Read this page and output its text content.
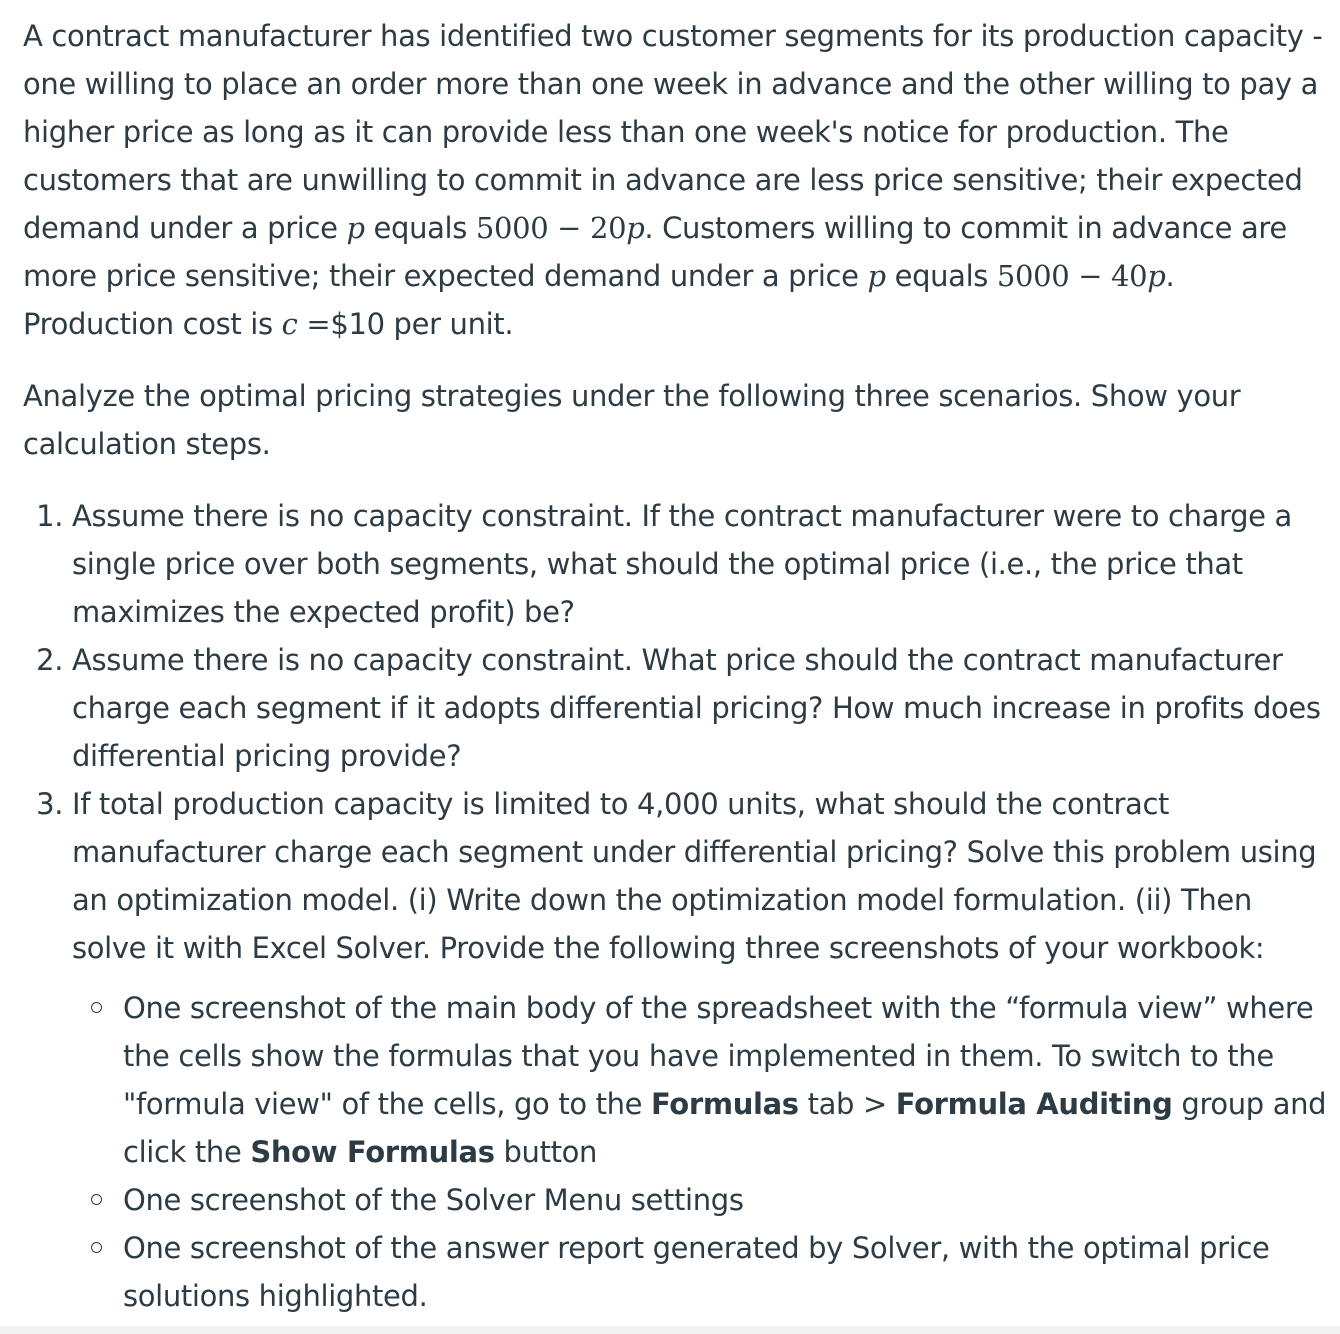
A contract manufacturer has identified two customer segments for its production capacity - one willing to place an order more than one week in advance and the other willing to pay a higher price as long as it can provide less than one week's notice for production. The customers that are unwilling to commit in advance are less price sensitive; their expected demand under a price p equals 5000 − 20p. Customers willing to commit in advance are more price sensitive; their expected demand under a price p equals 5000 − 40p. Production cost is c =$10 per unit.

Analyze the optimal pricing strategies under the following three scenarios. Show your calculation steps.

1. Assume there is no capacity constraint. If the contract manufacturer were to charge a single price over both segments, what should the optimal price (i.e., the price that maximizes the expected profit) be?
2. Assume there is no capacity constraint. What price should the contract manufacturer charge each segment if it adopts differential pricing? How much increase in profits does differential pricing provide?
3. If total production capacity is limited to 4,000 units, what should the contract manufacturer charge each segment under differential pricing? Solve this problem using an optimization model. (i) Write down the optimization model formulation. (ii) Then solve it with Excel Solver. Provide the following three screenshots of your workbook:
One screenshot of the main body of the spreadsheet with the “formula view” where the cells show the formulas that you have implemented in them. To switch to the "formula view" of the cells, go to the Formulas tab > Formula Auditing group and click the Show Formulas button
One screenshot of the Solver Menu settings
One screenshot of the answer report generated by Solver, with the optimal price solutions highlighted.
